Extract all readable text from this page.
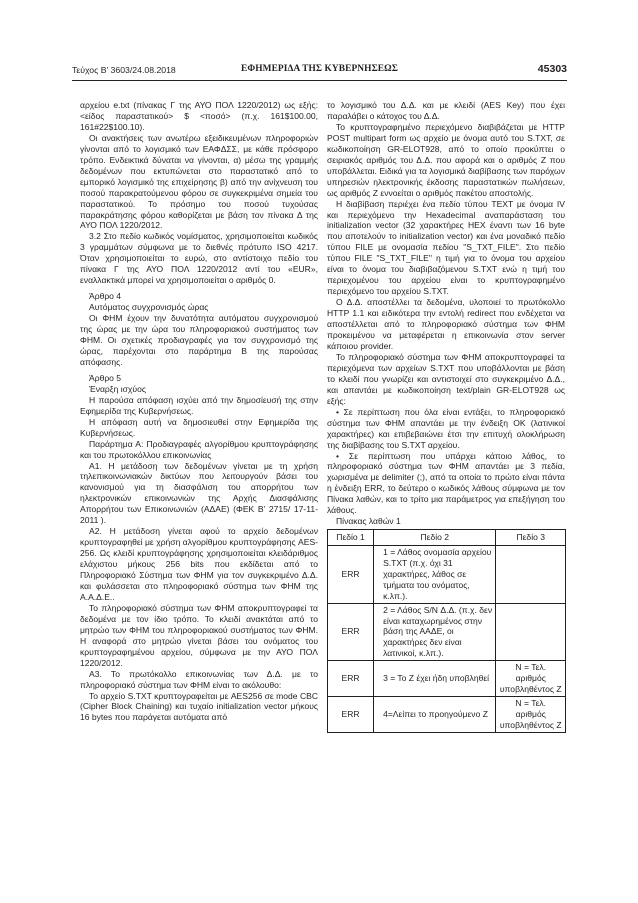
Τεύχος Β’ 3603/24.08.2018	ΕΦΗΜΕΡΙΔΑ ΤΗΣ ΚΥΒΕΡΝΗΣΕΩΣ	45303

αρχείου e.txt (πίνακας Γ της ΑΥΟ ΠΟΛ 1220/2012) ως εξής: <είδος παραστατικού> $ <ποσό> (π.χ. 161$100.00, 161#22$100.10).

Οι ανακτήσεις των ανωτέρω εξειδικευμένων πληροφοριών γίνονται από το λογισμικό των ΕΑΦΔΣΣ, με κάθε πρόσφορο τρόπο. Ενδεικτικά δύναται να γίνονται, α) μέσω της γραμμής δεδομένων που εκτυπώνεται στο παραστατικό από το εμπορικό λογισμικό της επιχείρησης β) από την ανίχνευση του ποσού παρακρατούμενου φόρου σε συγκεκριμένα σημεία του παραστατικού. Το πρόσημο του ποσού τυχούσας παρακράτησης φόρου καθορίζεται με βάση τον πίνακα Δ της ΑΥΟ ΠΟΛ 1220/2012.

3.2 Στο πεδίο κωδικός νομίσματος, χρησιμοποιείται κωδικός 3 γραμμάτων σύμφωνα με το διεθνές πρότυπο ISO 4217. Όταν χρησιμοποιείται το ευρώ, στο αντίστοιχο πεδίο του πίνακα Γ της ΑΥΟ ΠΟΛ 1220/2012 αντί του «EUR», εναλλακτικά μπορεί να χρησιμοποιείται ο αριθμός 0.

Άρθρο 4

Αυτόματος συγχρονισμός ώρας

Οι ΦΗΜ έχουν την δυνατότητα αυτόματου συγχρονισμού της ώρας με την ώρα του πληροφοριακού συστήματος των ΦΗΜ. Οι σχετικές προδιαγραφές για τον συγχρονισμό της ώρας, παρέχονται στο παράρτημα Β της παρούσας απόφασης.

Άρθρο 5

Έναρξη ισχύος

Η παρούσα απόφαση ισχύει από την δημοσίευσή της στην Εφημερίδα της Κυβερνήσεως.

Η απόφαση αυτή να δημοσιευθεί στην Εφημερίδα της Κυβερνήσεως.

Παράρτημα Α: Προδιαγραφές αλγορίθμου κρυπτογράφησης και του πρωτοκόλλου επικοινωνίας

Α1. Η μετάδοση των δεδομένων γίνεται με τη χρήση τηλεπικοινωνιακών δικτύων που λειτουργούν βάσει του κανονισμού για τη διασφάλιση του απορρήτου των ηλεκτρονικών επικοινωνιών της Αρχής Διασφάλισης Απορρήτου των Επικοινωνιών (ΑΔΑΕ) (ΦΕΚ Β’ 2715/ 17-11-2011 ).

Α2. Η μετάδοση γίνεται αφού το αρχείο δεδομένων κρυπτογραφηθεί με χρήση αλγορίθμου κρυπτογράφησης AES-256. Ως κλειδί κρυπτογράφησης χρησιμοποιείται κλειδάριθμος ελάχιστου μήκους 256 bits που εκδίδεται από το Πληροφοριακό Σύστημα των ΦΗΜ για τον συγκεκριμένο Δ.Δ. και φυλάσσεται στο πληροφοριακό σύστημα των ΦΗΜ της Α.Α.Δ.Ε..

Το πληροφοριακό σύστημα των ΦΗΜ αποκρυπτογραφεί τα δεδομένα με τον ίδιο τρόπο. Το κλειδί ανακτάται από το μητρώο των ΦΗΜ του πληροφοριακού συστήματος των ΦΗΜ. Η αναφορά στο μητρώο γίνεται βάσει του ονόματος του κρυπτογραφημένου αρχείου, σύμφωνα με την ΑΥΟ ΠΟΛ 1220/2012.

Α3. Το πρωτόκολλο επικοινωνίας των Δ.Δ. με το πληροφοριακό σύστημα των ΦΗΜ είναι το ακόλουθο:

Το αρχείο S.TXT κρυπτογραφείται με AES256 σε mode CBC (Cipher Block Chaining) και τυχαίο initialization vector μήκους 16 bytes που παράγεται αυτόματα από

το λογισμικό του Δ.Δ. και με κλειδί (AES Key) που έχει παραλάβει ο κάτοχος του Δ.Δ.

Το κρυπτογραφημένο περιεχόμενο διαβιβάζεται με HTTP POST multipart form ως αρχείο με όνομα αυτό του S.TXT, σε κωδικοποίηση GR-ELOT928, από το οποίο προκύπτει ο σειριακός αριθμός του Δ.Δ. που αφορά και ο αριθμός Z που υποβάλλεται. Ειδικά για τα λογισμικά διαβίβασης των παρόχων υπηρεσιών ηλεκτρονικής έκδοσης παραστατικών πωλήσεων, ως αριθμός Z εννοείται ο αριθμός πακέτου αποστολής.

Η διαβίβαση περιέχει ένα πεδίο τύπου TEXT με όνομα IV και περιεχόμενο την Hexadecimal αναπαράσταση του initialization vector (32 χαρακτήρες HEX έναντι των 16 byte που αποτελούν το initialization vector) και ένα μοναδικό πεδίο τύπου FILE με ονομασία πεδίου "S_TXT_FILE". Στο πεδίο τύπου FILE "S_TXT_FILE" η τιμή για το όνομα του αρχείου είναι το όνομα του διαβιβαζόμενου S.TXT ενώ η τιμή του περιεχομένου του αρχείου είναι το κρυπτογραφημένο περιεχόμενο του αρχείου S.TXT.

Ο Δ.Δ. αποστέλλει τα δεδομένα, υλοποιεί το πρωτόκολλο HTTP 1.1 και ειδικότερα την εντολή redirect που ενδέχεται να αποστέλλεται από το πληροφοριακό σύστημα των ΦΗΜ προκειμένου να μεταφέρεται η επικοινωνία στον server κάποιου provider.

Το πληροφοριακό σύστημα των ΦΗΜ αποκρυπτογραφεί τα περιεχόμενα των αρχείων S.TXT που υποβάλλονται με βάση το κλειδί που γνωρίζει και αντιστοιχεί στο συγκεκριμένο Δ.Δ., και απαντάει με κωδικοποίηση text/plain GR-ELOT928 ως εξής:

• Σε περίπτωση που όλα είναι εντάξει, το πληροφοριακό σύστημα των ΦΗΜ απαντάει με την ένδειξη OK (λατινικοί χαρακτήρες) και επιβεβαιώνει έτσι την επιτυχή ολοκλήρωση της διαβίβασης του S.TXT αρχείου.

• Σε περίπτωση που υπάρχει κάποιο λάθος, το πληροφοριακό σύστημα των ΦΗΜ απαντάει με 3 πεδία, χωρισμένα με delimiter (;), από τα οποία το πρώτο είναι πάντα η ένδειξη ERR, το δεύτερο ο κωδικός λάθους σύμφωνα με τον Πίνακα λαθών, και το τρίτο μια παράμετρος για επεξήγηση του λάθους.

Πίνακας λαθών 1

Πεδίο 1	Πεδίο 2	Πεδίο 3
ERR	1 = Λάθος ονομασία αρχείου S.TXT (π.χ. όχι 31 χαρακτήρες, λάθος σε τμήματα του ονόματος, κ.λπ.).	
ERR	2 = Λάθος S/N Δ.Δ. (π.χ. δεν είναι καταχωρημένος στην βάση της ΑΑΔΕ, οι χαρακτήρες δεν είναι λατινικοί, κ.λπ.).	
ERR	3 = Το Z έχει ήδη υποβληθεί	N = Τελ. αριθμός υποβληθέντος Z
ERR	4=Λείπει το προηγούμενο Z	N = Τελ. αριθμός υποβληθέντος Z
